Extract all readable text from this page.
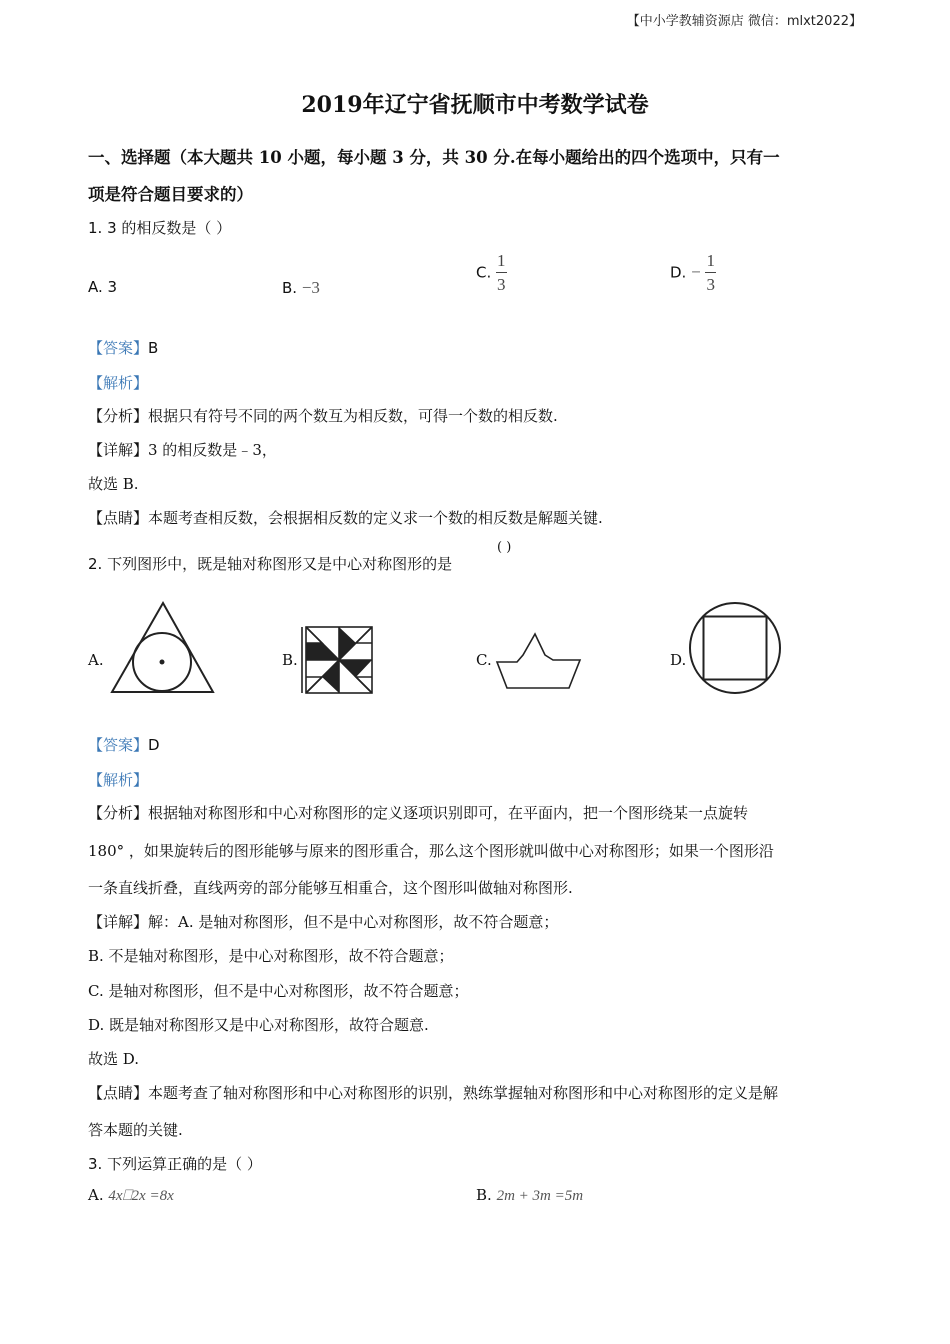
【中小学教辅资源店 微信：mlxt2022】
2019年辽宁省抚顺市中考数学试卷
一、选择题（本大题共 10 小题，每小题 3 分，共 30 分.在每小题给出的四个选项中，只有一
项是符合题目要求的）
1. 3 的相反数是（ ）
A. 3	B. −3
C. $\frac{1}{3}$	D. − $\frac{1}{3}$
【答案】B
【解析】
【分析】根据只有符号不同的两个数互为相反数，可得一个数的相反数.
【详解】3 的相反数是﹣3，
故选 B.
【点睛】本题考查相反数，会根据相反数的定义求一个数的相反数是解题关键.
2. 下列图形中，既是轴对称图形又是中心对称图形的是
( )
A.	B.	C.	D.
【答案】D
【解析】
【分析】根据轴对称图形和中心对称图形的定义逐项识别即可，在平面内，把一个图形绕某一点旋转
180° ，如果旋转后的图形能够与原来的图形重合，那么这个图形就叫做中心对称图形；如果一个图形沿
一条直线折叠，直线两旁的部分能够互相重合，这个图形叫做轴对称图形.
【详解】解：A. 是轴对称图形，但不是中心对称图形，故不符合题意；
B. 不是轴对称图形，是中心对称图形，故不符合题意；
C. 是轴对称图形，但不是中心对称图形，故不符合题意；
D. 既是轴对称图形又是中心对称图形，故符合题意.
故选 D.
【点睛】本题考查了轴对称图形和中心对称图形的识别，熟练掌握轴对称图形和中心对称图形的定义是解
答本题的关键.
3. 下列运算正确的是（ ）
A. 4x⎕2x =8x	B. 2m + 3m =5m
